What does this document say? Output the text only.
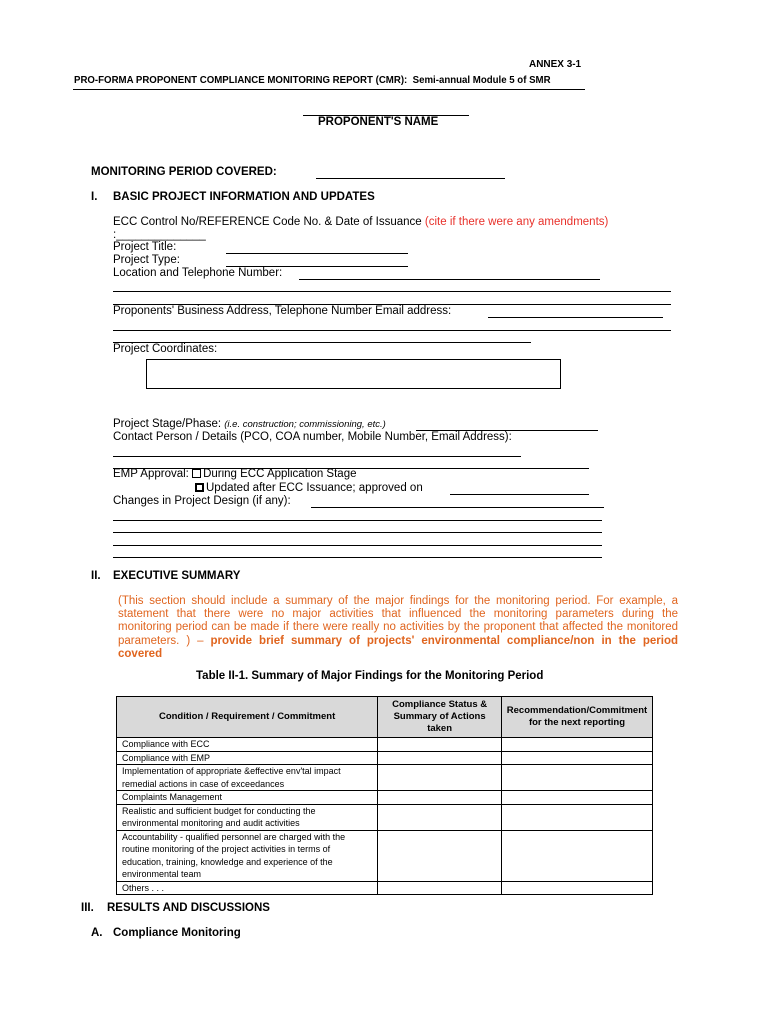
ANNEX 3-1
PRO-FORMA PROPONENT COMPLIANCE MONITORING REPORT (CMR): Semi-annual Module 5 of SMR
PROPONENT'S NAME
MONITORING PERIOD COVERED:
I. BASIC PROJECT INFORMATION AND UPDATES
ECC Control No/REFERENCE Code No. & Date of Issuance (cite if there were any amendments)
:______________
Project Title:
Project Type:
Location and Telephone Number:
Proponents' Business Address, Telephone Number Email address:
Project Coordinates:
Project Stage/Phase: (i.e. construction; commissioning, etc.)
Contact Person / Details (PCO, COA number, Mobile Number, Email Address):
EMP Approval: During ECC Application Stage
Updated after ECC Issuance; approved on
Changes in Project Design (if any):
II. EXECUTIVE SUMMARY
(This section should include a summary of the major findings for the monitoring period. For example, a
statement that there were no major activities that influenced the monitoring parameters during the
monitoring period can be made if there were really no activities by the proponent that affected the monitored
parameters. ) – provide brief summary of projects' environmental compliance/non in the period
covered
Table II-1. Summary of Major Findings for the Monitoring Period
Condition / Requirement / Commitment	Compliance Status & Summary of Actions taken	Recommendation/Commitment for the next reporting
Compliance with ECC		
Compliance with EMP		
Implementation of appropriate &effective env'tal impact remedial actions in case of exceedances		
Complaints Management		
Realistic and sufficient budget for conducting the environmental monitoring and audit activities		
Accountability - qualified personnel are charged with the routine monitoring of the project activities in terms of education, training, knowledge and experience of the environmental team		
Others . . .		
III. RESULTS AND DISCUSSIONS
A. Compliance Monitoring
